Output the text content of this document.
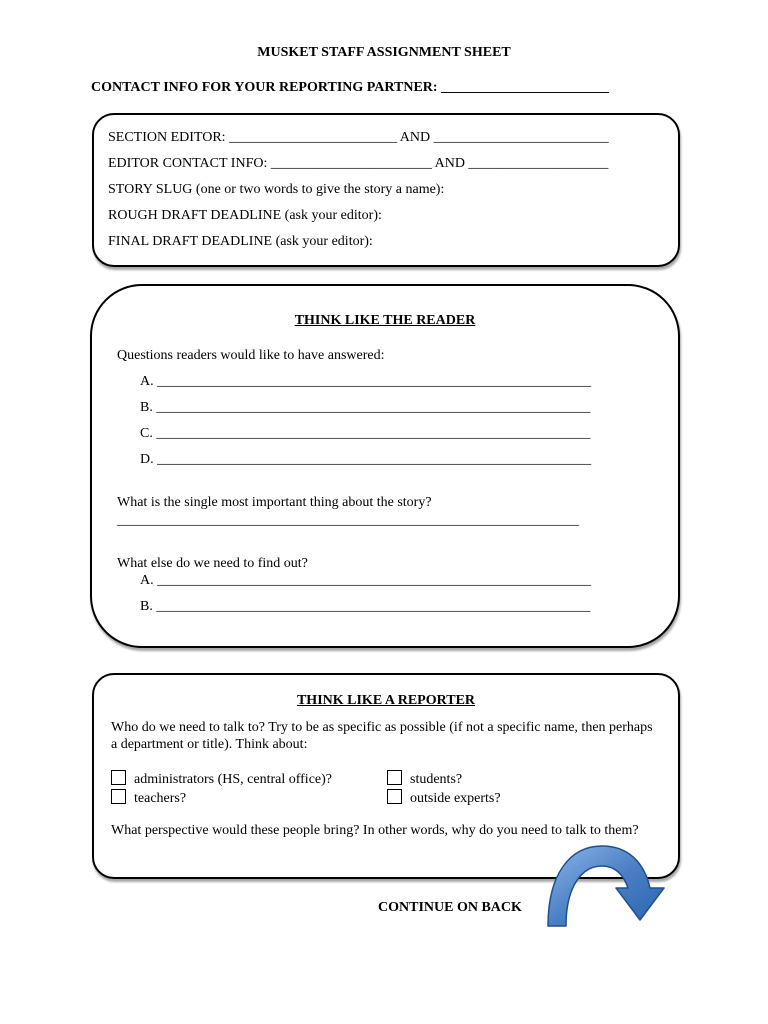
MUSKET STAFF ASSIGNMENT SHEET
CONTACT INFO FOR YOUR REPORTING PARTNER: ________________________
SECTION EDITOR: ________________________ AND _________________________
EDITOR CONTACT INFO: _______________________ AND ____________________
STORY SLUG (one or two words to give the story a name):
ROUGH DRAFT DEADLINE (ask your editor):
FINAL DRAFT DEADLINE (ask your editor):
THINK LIKE THE READER
Questions readers would like to have answered:
A. ______________________________________________________________
B. ______________________________________________________________
C. ______________________________________________________________
D. ______________________________________________________________
What is the single most important thing about the story?
__________________________________________________________________
What else do we need to find out?
A. ______________________________________________________________
B. ______________________________________________________________
THINK LIKE A REPORTER
Who do we need to talk to? Try to be as specific as possible (if not a specific name, then perhaps a department or title). Think about:
administrators (HS, central office)?	students?
teachers?	outside experts?
What perspective would these people bring? In other words, why do you need to talk to them?
CONTINUE ON BACK
